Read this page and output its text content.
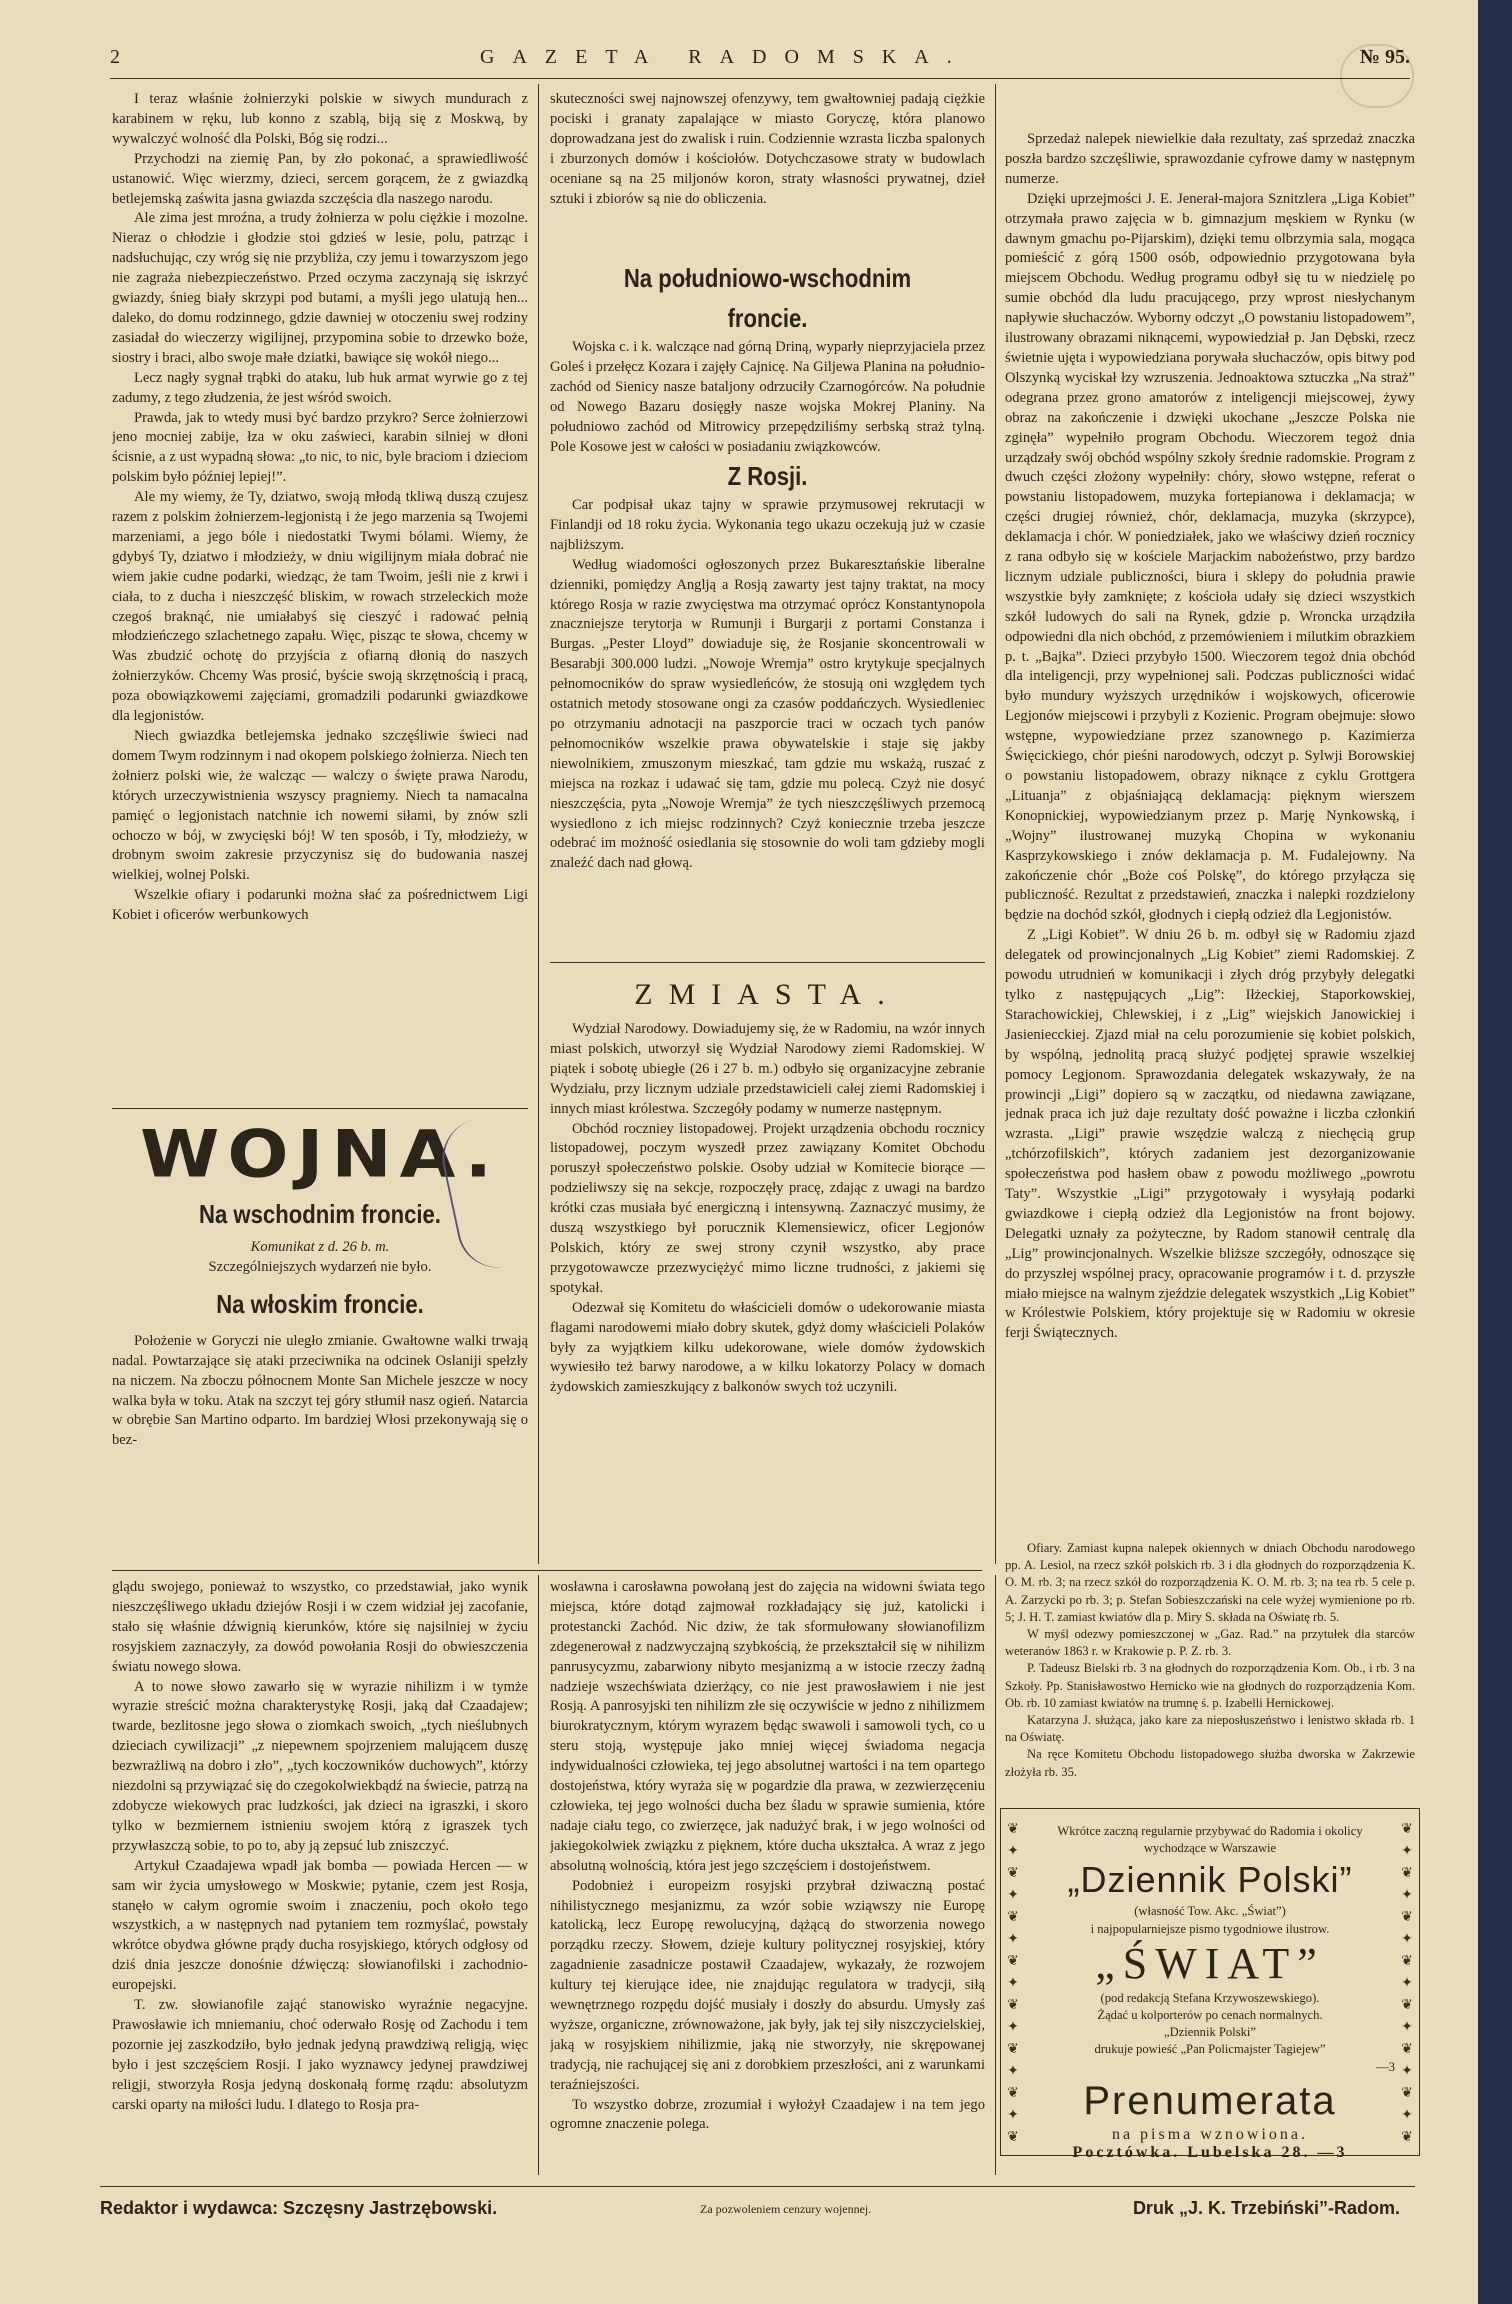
2	GAZETA RADOMSKA.	№ 95.

I teraz właśnie żołnierzyki polskie w siwych mundurach z karabinem w ręku, lub konno z szablą, biją się z Moskwą, by wywalczyć wolność dla Polski, Bóg się rodzi...

Przychodzi na ziemię Pan, by zło pokonać, a sprawiedliwość ustanowić. Więc wierzmy, dzieci, sercem gorącem, że z gwiazdką betlejemską zaświta jasna gwiazda szczęścia dla naszego narodu.

Ale zima jest mroźna, a trudy żołnierza w polu ciężkie i mozolne. Nieraz o chłodzie i głodzie stoi gdzieś w lesie, polu, patrząc i nadsłuchując, czy wróg się nie przybliża, czy jemu i towarzyszom jego nie zagraża niebezpieczeństwo. Przed oczyma zaczynają się iskrzyć gwiazdy, śnieg biały skrzypi pod butami, a myśli jego ulatują hen... daleko, do domu rodzinnego, gdzie dawniej w otoczeniu swej rodziny zasiadał do wieczerzy wigilijnej, przypomina sobie to drzewko boże, siostry i braci, albo swoje małe dziatki, bawiące się wokół niego...

Lecz nagły sygnał trąbki do ataku, lub huk armat wyrwie go z tej zadumy, z tego złudzenia, że jest wśród swoich.

Prawda, jak to wtedy musi być bardzo przykro? Serce żołnierzowi jeno mocniej zabije, łza w oku zaświeci, karabin silniej w dłoni ścisnie, a z ust wypadną słowa: „to nic, to nic, byle braciom i dzieciom polskim było później lepiej!”.

Ale my wiemy, że Ty, dziatwo, swoją młodą tkliwą duszą czujesz razem z polskim żołnierzem-legjonistą i że jego marzenia są Twojemi marzeniami, a jego bóle i niedostatki Twymi bólami. Wiemy, że gdybyś Ty, dziatwo i młodzieży, w dniu wigilijnym miała dobrać nie wiem jakie cudne podarki, wiedząc, że tam Twoim, jeśli nie z krwi i ciała, to z ducha i nieszczęść bliskim, w rowach strzeleckich może czegoś braknąć, nie umiałabyś się cieszyć i radować pełnią młodzieńczego szlachetnego zapału. Więc, pisząc te słowa, chcemy w Was zbudzić ochotę do przyjścia z ofiarną dłonią do naszych żołnierzyków. Chcemy Was prosić, byście swoją skrzętnością i pracą, poza obowiązkowemi zajęciami, gromadzili podarunki gwiazdkowe dla legjonistów.

Niech gwiazdka betlejemska jednako szczęśliwie świeci nad domem Twym rodzinnym i nad okopem polskiego żołnierza. Niech ten żołnierz polski wie, że walcząc — walczy o święte prawa Narodu, których urzeczywistnienia wszyscy pragniemy. Niech ta namacalna pamięć o legjonistach natchnie ich nowemi siłami, by znów szli ochoczo w bój, w zwycięski bój! W ten sposób, i Ty, młodzieży, w drobnym swoim zakresie przyczynisz się do budowania naszej wielkiej, wolnej Polski.

Wszelkie ofiary i podarunki można słać za pośrednictwem Ligi Kobiet i oficerów werbunkowych

WOJNA.
Na wschodnim froncie.

Komunikat z d. 26 b. m.

Szczególniejszych wydarzeń nie było.

Na włoskim froncie.

Położenie w Goryczi nie uległo zmianie. Gwałtowne walki trwają nadal. Powtarzające się ataki przeciwnika na odcinek Oslaniji spełzły na niczem. Na zboczu północnem Monte San Michele jeszcze w nocy walka była w toku. Atak na szczyt tej góry stłumił nasz ogień. Natarcia w obrębie San Martino odparto. Im bardziej Włosi przekonywają się o bez-

skuteczności swej najnowszej ofenzywy, tem gwałtowniej padają ciężkie pociski i granaty zapalające w miasto Goryczę, która planowo doprowadzana jest do zwalisk i ruin. Codziennie wzrasta liczba spalonych i zburzonych domów i kościołów. Dotychczasowe straty w budowlach oceniane są na 25 miljonów koron, straty własności prywatnej, dzieł sztuki i zbiorów są nie do obliczenia.

Na południowo-wschodnim froncie.

Wojska c. i k. walczące nad górną Driną, wyparły nieprzyjaciela przez Goleś i przełęcz Kozara i zajęły Cajnicę. Na Giljewa Planina na południo-zachód od Sienicy nasze bataljony odrzuciły Czarnogórców. Na południe od Nowego Bazaru dosięgły nasze wojska Mokrej Planiny. Na południowo zachód od Mitrowicy przepędziliśmy serbską straż tylną. Pole Kosowe jest w całości w posiadaniu związkowców.

Z Rosji.

Car podpisał ukaz tajny w sprawie przymusowej rekrutacji w Finlandji od 18 roku życia. Wykonania tego ukazu oczekują już w czasie najbliższym.

Według wiadomości ogłoszonych przez Bukaresztańskie liberalne dzienniki, pomiędzy Anglją a Rosją zawarty jest tajny traktat, na mocy którego Rosja w razie zwycięstwa ma otrzymać oprócz Konstantynopola znaczniejsze terytorja w Rumunji i Burgarji z portami Constanza i Burgas. „Pester Lloyd” dowiaduje się, że Rosjanie skoncentrowali w Besarabji 300.000 ludzi. „Nowoje Wremja” ostro krytykuje specjalnych pełnomocników do spraw wysiedleńców, że stosują oni względem tych ostatnich metody stosowane ongi za czasów poddańczych. Wysiedleniec po otrzymaniu adnotacji na paszporcie traci w oczach tych panów pełnomocników wszelkie prawa obywatelskie i staje się jakby niewolnikiem, zmuszonym mieszkać, tam gdzie mu wskażą, ruszać z miejsca na rozkaz i udawać się tam, gdzie mu polecą. Czyż nie dosyć nieszczęścia, pyta „Nowoje Wremja” że tych nieszczęśliwych przemocą wysiedlono z ich miejsc rodzinnych? Czyż koniecznie trzeba jeszcze odebrać im możność osiedlania się stosownie do woli tam gdzieby mogli znaleźć dach nad głową.

ZMIASTA.

Wydział Narodowy. Dowiadujemy się, że w Radomiu, na wzór innych miast polskich, utworzył się Wydział Narodowy ziemi Radomskiej. W piątek i sobotę ubiegłe (26 i 27 b. m.) odbyło się organizacyjne zebranie Wydziału, przy licznym udziale przedstawicieli całej ziemi Radomskiej i innych miast królestwa. Szczegóły podamy w numerze następnym.

Obchód roczniey listopadowej. Projekt urządzenia obchodu rocznicy listopadowej, poczym wyszedł przez zawiązany Komitet Obchodu poruszył społeczeństwo polskie. Osoby udział w Komitecie biorące — podzieliwszy się na sekcje, rozpoczęły pracę, zdając z uwagi na bardzo krótki czas musiała być energiczną i intensywną. Zaznaczyć musimy, że duszą wszystkiego był porucznik Klemensiewicz, oficer Legjonów Polskich, który ze swej strony czynił wszystko, aby prace przygotowawcze przezwyciężyć mimo liczne trudności, z jakiemi się spotykał.

Odezwał się Komitetu do właścicieli domów o udekorowanie miasta flagami narodowemi miało dobry skutek, gdyż domy właścicieli Polaków były za wyjątkiem kilku udekorowane, wiele domów żydowskich wywiesiło też barwy narodowe, a w kilku lokatorzy Polacy w domach żydowskich zamieszkujący z balkonów swych toż uczynili.

Sprzedaż nalepek niewielkie dała rezultaty, zaś sprzedaż znaczka poszła bardzo szczęśliwie, sprawozdanie cyfrowe damy w następnym numerze.

Dzięki uprzejmości J. E. Jenerał-majora Sznitzlera „Liga Kobiet” otrzymała prawo zajęcia w b. gimnazjum męskiem w Rynku (w dawnym gmachu po-Pijarskim), dzięki temu olbrzymia sala, mogąca pomieścić z górą 1500 osób, odpowiednio przygotowana była miejscem Obchodu. Według programu odbył się tu w niedzielę po sumie obchód dla ludu pracującego, przy wprost niesłychanym napływie słuchaczów. Wyborny odczyt „O powstaniu listopadowem”, ilustrowany obrazami niknącemi, wypowiedział p. Jan Dębski, rzecz świetnie ujęta i wypowiedziana porywała słuchaczów, opis bitwy pod Olszynką wyciskał łzy wzruszenia. Jednoaktowa sztuczka „Na straż” odegrana przez grono amatorów z inteligencji miejscowej, żywy obraz na zakończenie i dzwięki ukochane „Jeszcze Polska nie zginęła” wypełniło program Obchodu. Wieczorem tegoż dnia urządzały swój obchód wspólny szkoły średnie radomskie. Program z dwuch części złożony wypełniły: chóry, słowo wstępne, referat o powstaniu listopadowem, muzyka fortepianowa i deklamacja; w części drugiej również, chór, deklamacja, muzyka (skrzypce), deklamacja i chór. W poniedziałek, jako we właściwy dzień rocznicy z rana odbyło się w kościele Marjackim nabożeństwo, przy bardzo licznym udziale publiczności, biura i sklepy do południa prawie wszystkie były zamknięte; z kościoła udały się dzieci wszystkich szkół ludowych do sali na Rynek, gdzie p. Wroncka urządziła odpowiedni dla nich obchód, z przemówieniem i milutkim obrazkiem p. t. „Bajka”. Dzieci przybyło 1500. Wieczorem tegoż dnia obchód dla inteligencji, przy wypełnionej sali. Podczas publiczności widać było mundury wyższych urzędników i wojskowych, oficerowie Legjonów miejscowi i przybyli z Kozienic. Program obejmuje: słowo wstępne, wypowiedziane przez szanownego p. Kazimierza Święcickiego, chór pieśni narodowych, odczyt p. Sylwji Borowskiej o powstaniu listopadowem, obrazy niknące z cyklu Grottgera „Lituanja” z objaśniającą deklamacją: pięknym wierszem Konopnickiej, wypowiedzianym przez p. Marję Nynkowską, i „Wojny” ilustrowanej muzyką Chopina w wykonaniu Kasprzykowskiego i znów deklamacja p. M. Fudalejowny. Na zakończenie chór „Boże coś Polskę”, do którego przyłącza się publiczność. Rezultat z przedstawień, znaczka i nalepki rozdzielony będzie na dochód szkół, głodnych i ciepłą odzież dla Legjonistów.

Z „Ligi Kobiet”. W dniu 26 b. m. odbył się w Radomiu zjazd delegatek od prowincjonalnych „Lig Kobiet” ziemi Radomskiej. Z powodu utrudnień w komunikacji i złych dróg przybyły delegatki tylko z następujących „Lig”: Iłżeckiej, Staporkowskiej, Starachowickiej, Chlewskiej, i z „Lig” wiejskich Janowickiej i Jasieniecckiej. Zjazd miał na celu porozumienie się kobiet polskich, by wspólną, jednolitą pracą służyć podjętej sprawie wszelkiej pomocy Legjonom. Sprawozdania delegatek wskazywały, że na prowincji „Ligi” dopiero są w zaczątku, od niedawna zawiązane, jednak praca ich już daje rezultaty dość poważne i liczba członkiń wzrasta. „Ligi” prawie wszędzie walczą z niechęcią grup „tchórzofilskich”, których zadaniem jest dezorganizowanie społeczeństwa pod hasłem obaw z powodu możliwego „powrotu Taty”. Wszystkie „Ligi” przygotowały i wysyłają podarki gwiazdkowe i ciepłą odzież dla Legjonistów na front bojowy. Delegatki uznały za pożyteczne, by Radom stanowił centralę dla „Lig” prowincjonalnych. Wszelkie bliższe szczegóły, odnoszące się do przyszłej wspólnej pracy, opracowanie programów i t. d. przyszłe miało miejsce na walnym zjeździe delegatek wszystkich „Lig Kobiet” w Królestwie Polskiem, który projektuje się w Radomiu w okresie ferji Świątecznych.

Ofiary. Zamiast kupna nalepek okiennych w dniach Obchodu narodowego pp. A. Lesiol, na rzecz szkół polskich rb. 3 i dla głodnych do rozporządzenia K. O. M. rb. 3; na rzecz szkół do rozporządzenia K. O. M. rb. 3; na tea rb. 5 cele p. A. Zarzycki po rb. 3; p. Stefan Sobieszczański na cele wyżej wymienione po rb. 5; J. H. T. zamiast kwiatów dla p. Miry S. składa na Oświatę rb. 5.

W myśl odezwy pomieszczonej w „Gaz. Rad.” na przytułek dla starców weteranów 1863 r. w Krakowie p. P. Z. rb. 3.

P. Tadeusz Bielski rb. 3 na głodnych do rozporządzenia Kom. Ob., i rb. 3 na Szkoły. Pp. Stanisławostwo Hernicko wie na głodnych do rozporządzenia Kom. Ob. rb. 10 zamiast kwiatów na trumnę ś. p. Izabelli Hernickowej.

Katarzyna J. służąca, jako kare za nieposłuszeństwo i lenistwo składa rb. 1 na Oświatę.

Na ręce Komitetu Obchodu listopadowego służba dworska w Zakrzewie złożyła rb. 35.

❦
✦
❦
✦
❦
✦
❦
✦
❦
✦
❦
✦
❦
✦
❦
❦
✦
❦
✦
❦
✦
❦
✦
❦
✦
❦
✦
❦
✦
❦
Wkrótce zaczną regularnie przybywać do Radomia i okolicy wychodzące w Warszawie
„Dziennik Polski”
(własność Tow. Akc. „Świat”)
i najpopularniejsze pismo tygodniowe ilustrow.
„ŚWIAT”
(pod redakcją Stefana Krzywoszewskiego).
Żądać u kolporterów po cenach normalnych.
„Dziennik Polski”
drukuje powieść „Pan Policmajster Tagiejew”
—3
Prenumerata
na pisma wznowiona.
Pocztówka. Lubelska 28. —3

glądu swojego, ponieważ to wszystko, co przedstawiał, jako wynik nieszczęśliwego układu dziejów Rosji i w czem widział jej zacofanie, stało się właśnie dźwignią kierunków, które się najsilniej w życiu rosyjskiem zaznaczyły, za dowód powołania Rosji do obwieszczenia światu nowego słowa.

A to nowe słowo zawarło się w wyrazie nihilizm i w tymże wyrazie streścić można charakterystykę Rosji, jaką dał Czaadajew; twarde, bezlitosne jego słowa o ziomkach swoich, „tych nieślubnych dzieciach cywilizacji” „z niepewnem spojrzeniem malującem duszę bezwrażliwą na dobro i zło”, „tych koczowników duchowych”, którzy niezdolni są przywiązać się do czegokolwiekbądź na świecie, patrzą na zdobycze wiekowych prac ludzkości, jak dzieci na igraszki, i skoro tylko w bezmiernem istnieniu swojem którą z igraszek tych przywłaszczą sobie, to po to, aby ją zepsuć lub zniszczyć.

Artykuł Czaadajewa wpadł jak bomba — powiada Hercen — w sam wir życia umysłowego w Moskwie; pytanie, czem jest Rosja, stanęło w całym ogromie swoim i znaczeniu, poch około tego wszystkich, a w następnych nad pytaniem tem rozmyślać, powstały wkrótce obydwa główne prądy ducha rosyjskiego, których odgłosy od dziś dnia jeszcze donośnie dźwięczą: słowianofilski i zachodnio-europejski.

T. zw. słowianofile zająć stanowisko wyraźnie negacyjne. Prawosławie ich mniemaniu, choć oderwało Rosję od Zachodu i tem pozornie jej zaszkodziło, było jednak jedyną prawdziwą religją, więc było i jest szczęściem Rosji. I jako wyznawcy jedynej prawdziwej religji, stworzyła Rosja jedyną doskonałą formę rządu: absolutyzm carski oparty na miłości ludu. I dlatego to Rosja pra-

wosławna i carosławna powołaną jest do zajęcia na widowni świata tego miejsca, które dotąd zajmował rozkładający się już, katolicki i protestancki Zachód. Nic dziw, że tak sformułowany słowianofilizm zdegenerował z nadzwyczajną szybkością, że przekształcił się w nihilizm panrusycyzmu, zabarwiony nibyto mesjanizmą a w istocie rzeczy żadną nadzieje wszechświata dzierżący, co nie jest prawosławiem i nie jest Rosją. A panrosyjski ten nihilizm złe się oczywiście w jedno z nihilizmem biurokratycznym, którym wyrazem będąc swawoli i samowoli tych, co u steru stoją, występuje jako mniej więcej świadoma negacja indywidualności człowieka, tej jego absolutnej wartości i na tem opartego dostojeństwa, który wyraża się w pogardzie dla prawa, w zezwierzęceniu człowieka, tej jego wolności ducha bez śladu w sprawie sumienia, które nadaje ciału tego, co zwierzęce, jak nadużyć brak, i w jego wolności od jakiegokolwiek związku z pięknem, które ducha ukształca. A wraz z jego absolutną wolnością, która jest jego szczęściem i dostojeństwem.

Podobnież i europeizm rosyjski przybrał dziwaczną postać nihilistycznego mesjanizmu, za wzór sobie wziąwszy nie Europę katolicką, lecz Europę rewolucyjną, dążącą do stworzenia nowego porządku rzeczy. Słowem, dzieje kultury politycznej rosyjskiej, który zagadnienie zasadnicze postawił Czaadajew, wykazały, że rozwojem kultury tej kierujące idee, nie znajdując regulatora w tradycji, siłą wewnętrznego rozpędu dojść musiały i doszły do absurdu. Umysły zaś wyższe, organiczne, zrównoważone, jak były, jak tej siły niszczycielskiej, jaką w rosyjskiem nihilizmie, jaką nie stworzyły, nie skrępowanej tradycją, nie rachującej się ani z dorobkiem przeszłości, ani z warunkami teraźniejszości.

To wszystko dobrze, zrozumiał i wyłożył Czaadajew i na tem jego ogromne znaczenie polega.

Redaktor i wydawca: Szczęsny Jastrzębowski.	Za pozwoleniem cenzury wojennej.	Druk „J. K. Trzebiński”-Radom.
